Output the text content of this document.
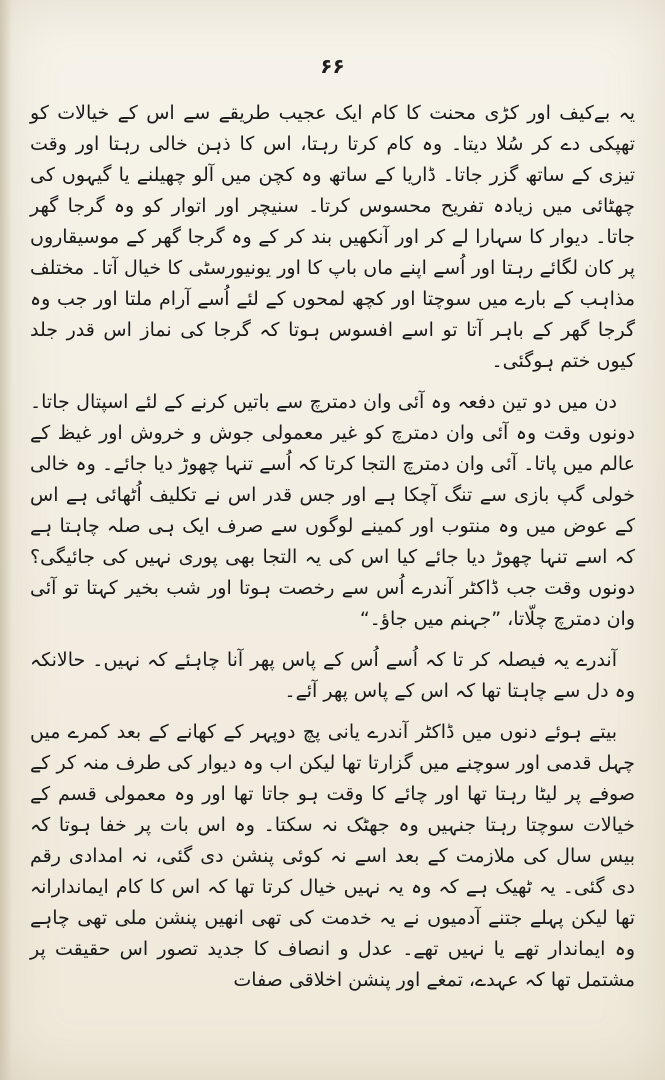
۶۶

یہ بےکیف اور کڑی محنت کا کام ایک عجیب طریقے سے اس کے خیالات کو تھپکی دے کر سُلا دیتا۔ وہ کام کرتا رہتا، اس کا ذہن خالی رہتا اور وقت تیزی کے ساتھ گزر جاتا۔ ڈاریا کے ساتھ وہ کچن میں آلو چھیلنے یا گیہوں کی چھٹائی میں زیادہ تفریح محسوس کرتا۔ سنیچر اور اتوار کو وہ گرجا گھر جاتا۔ دیوار کا سہارا لے کر اور آنکھیں بند کر کے وہ گرجا گھر کے موسیقاروں پر کان لگائے رہتا اور اُسے اپنے ماں باپ کا اور یونیورسٹی کا خیال آتا۔ مختلف مذاہب کے بارے میں سوچتا اور کچھ لمحوں کے لئے اُسے آرام ملتا اور جب وہ گرجا گھر کے باہر آتا تو اسے افسوس ہوتا کہ گرجا کی نماز اس قدر جلد کیوں ختم ہوگئی۔

دن میں دو تین دفعہ وہ آئی وان دمترچ سے باتیں کرنے کے لئے اسپتال جاتا۔ دونوں وقت وہ آئی وان دمترچ کو غیر معمولی جوش و خروش اور غیظ کے عالم میں پاتا۔ آئی وان دمترچ التجا کرتا کہ اُسے تنہا چھوڑ دیا جائے۔ وہ خالی خولی گپ بازی سے تنگ آچکا ہے اور جس قدر اس نے تکلیف اُٹھائی ہے اس کے عوض میں وہ منتوب اور کمینے لوگوں سے صرف ایک ہی صلہ چاہتا ہے کہ اسے تنہا چھوڑ دیا جائے کیا اس کی یہ التجا بھی پوری نہیں کی جائیگی؟ دونوں وقت جب ڈاکٹر آندرے اُس سے رخصت ہوتا اور شب بخیر کہتا تو آئی وان دمترچ چلّاتا، ”جہنم میں جاؤ۔“

آندرے یہ فیصلہ کر تا کہ اُسے اُس کے پاس پھر آنا چاہئے کہ نہیں۔ حالانکہ وہ دل سے چاہتا تھا کہ اس کے پاس پھر آئے۔

بیتے ہوئے دنوں میں ڈاکٹر آندرے یانی پچ دوپہر کے کھانے کے بعد کمرے میں چہل قدمی اور سوچنے میں گزارتا تھا لیکن اب وہ دیوار کی طرف منہ کر کے صوفے پر لیٹا رہتا تھا اور چائے کا وقت ہو جاتا تھا اور وہ معمولی قسم کے خیالات سوچتا رہتا جنہیں وہ جھٹک نہ سکتا۔ وہ اس بات پر خفا ہوتا کہ بیس سال کی ملازمت کے بعد اسے نہ کوئی پنشن دی گئی، نہ امدادی رقم دی گئی۔ یہ ٹھیک ہے کہ وہ یہ نہیں خیال کرتا تھا کہ اس کا کام ایماندارانہ تھا لیکن پہلے جتنے آدمیوں نے یہ خدمت کی تھی انھیں پنشن ملی تھی چاہے وہ ایماندار تھے یا نہیں تھے۔ عدل و انصاف کا جدید تصور اس حقیقت پر مشتمل تھا کہ عہدے، تمغے اور پنشن اخلاقی صفات
